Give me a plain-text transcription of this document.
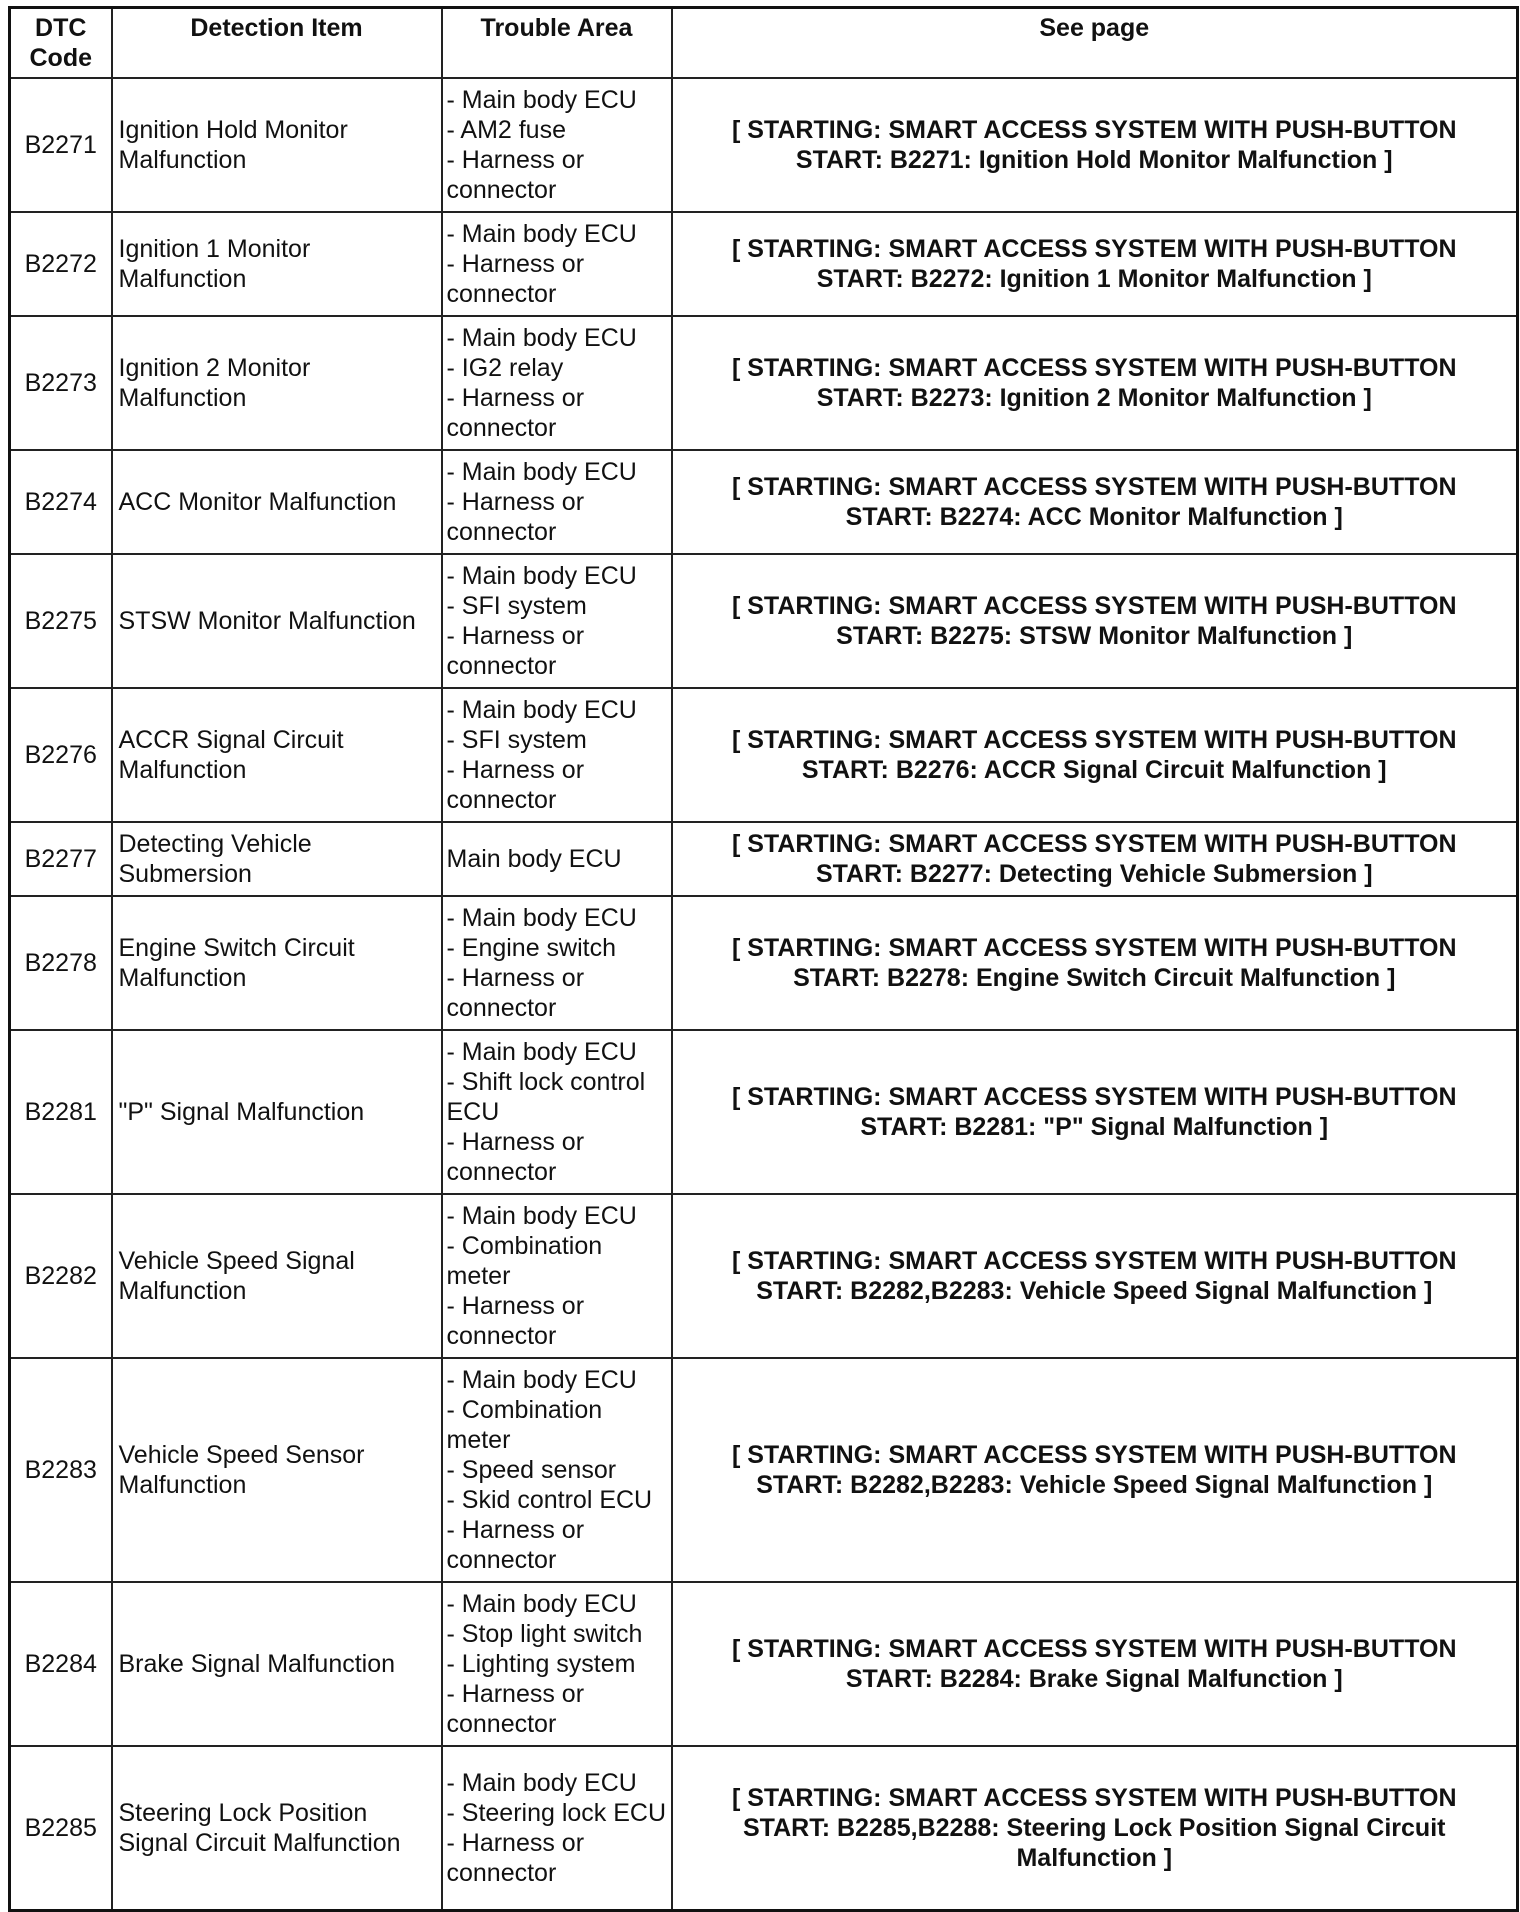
DTC Code	Detection Item	Trouble Area	See page
B2271	Ignition Hold Monitor Malfunction	- Main body ECU
- AM2 fuse
- Harness or connector	[ STARTING: SMART ACCESS SYSTEM WITH PUSH-BUTTON START: B2271: Ignition Hold Monitor Malfunction ]
B2272	Ignition 1 Monitor Malfunction	- Main body ECU
- Harness or connector	[ STARTING: SMART ACCESS SYSTEM WITH PUSH-BUTTON START: B2272: Ignition 1 Monitor Malfunction ]
B2273	Ignition 2 Monitor Malfunction	- Main body ECU
- IG2 relay
- Harness or connector	[ STARTING: SMART ACCESS SYSTEM WITH PUSH-BUTTON START: B2273: Ignition 2 Monitor Malfunction ]
B2274	ACC Monitor Malfunction	- Main body ECU
- Harness or connector	[ STARTING: SMART ACCESS SYSTEM WITH PUSH-BUTTON START: B2274: ACC Monitor Malfunction ]
B2275	STSW Monitor Malfunction	- Main body ECU
- SFI system
- Harness or connector	[ STARTING: SMART ACCESS SYSTEM WITH PUSH-BUTTON START: B2275: STSW Monitor Malfunction ]
B2276	ACCR Signal Circuit Malfunction	- Main body ECU
- SFI system
- Harness or connector	[ STARTING: SMART ACCESS SYSTEM WITH PUSH-BUTTON START: B2276: ACCR Signal Circuit Malfunction ]
B2277	Detecting Vehicle Submersion	Main body ECU	[ STARTING: SMART ACCESS SYSTEM WITH PUSH-BUTTON START: B2277: Detecting Vehicle Submersion ]
B2278	Engine Switch Circuit Malfunction	- Main body ECU
- Engine switch
- Harness or connector	[ STARTING: SMART ACCESS SYSTEM WITH PUSH-BUTTON START: B2278: Engine Switch Circuit Malfunction ]
B2281	"P" Signal Malfunction	- Main body ECU
- Shift lock control ECU
- Harness or connector	[ STARTING: SMART ACCESS SYSTEM WITH PUSH-BUTTON START: B2281: "P" Signal Malfunction ]
B2282	Vehicle Speed Signal Malfunction	- Main body ECU
- Combination meter
- Harness or connector	[ STARTING: SMART ACCESS SYSTEM WITH PUSH-BUTTON START: B2282,B2283: Vehicle Speed Signal Malfunction ]
B2283	Vehicle Speed Sensor Malfunction	- Main body ECU
- Combination meter
- Speed sensor
- Skid control ECU
- Harness or connector	[ STARTING: SMART ACCESS SYSTEM WITH PUSH-BUTTON START: B2282,B2283: Vehicle Speed Signal Malfunction ]
B2284	Brake Signal Malfunction	- Main body ECU
- Stop light switch
- Lighting system
- Harness or connector	[ STARTING: SMART ACCESS SYSTEM WITH PUSH-BUTTON START: B2284: Brake Signal Malfunction ]
B2285	Steering Lock Position Signal Circuit Malfunction	- Main body ECU
- Steering lock ECU
- Harness or connector	[ STARTING: SMART ACCESS SYSTEM WITH PUSH-BUTTON START: B2285,B2288: Steering Lock Position Signal Circuit Malfunction ]
